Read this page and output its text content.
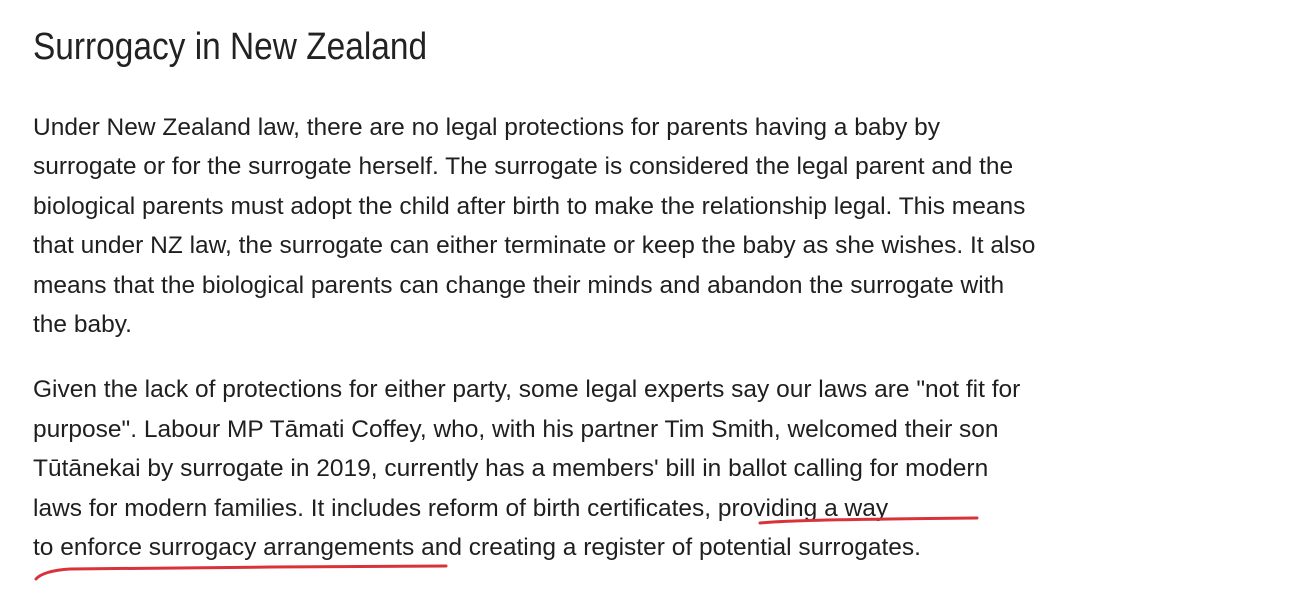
Surrogacy in New Zealand

Under New Zealand law, there are no legal protections for parents having a baby by
surrogate or for the surrogate herself. The surrogate is considered the legal parent and the
biological parents must adopt the child after birth to make the relationship legal. This means
that under NZ law, the surrogate can either terminate or keep the baby as she wishes. It also
means that the biological parents can change their minds and abandon the surrogate with
the baby.

Given the lack of protections for either party, some legal experts say our laws are "not fit for
purpose". Labour MP Tāmati Coffey, who, with his partner Tim Smith, welcomed their son
Tūtānekai by surrogate in 2019, currently has a members' bill in ballot calling for modern
laws for modern families. It includes reform of birth certificates, providing a way
to enforce surrogacy arrangements and creating a register of potential surrogates.
